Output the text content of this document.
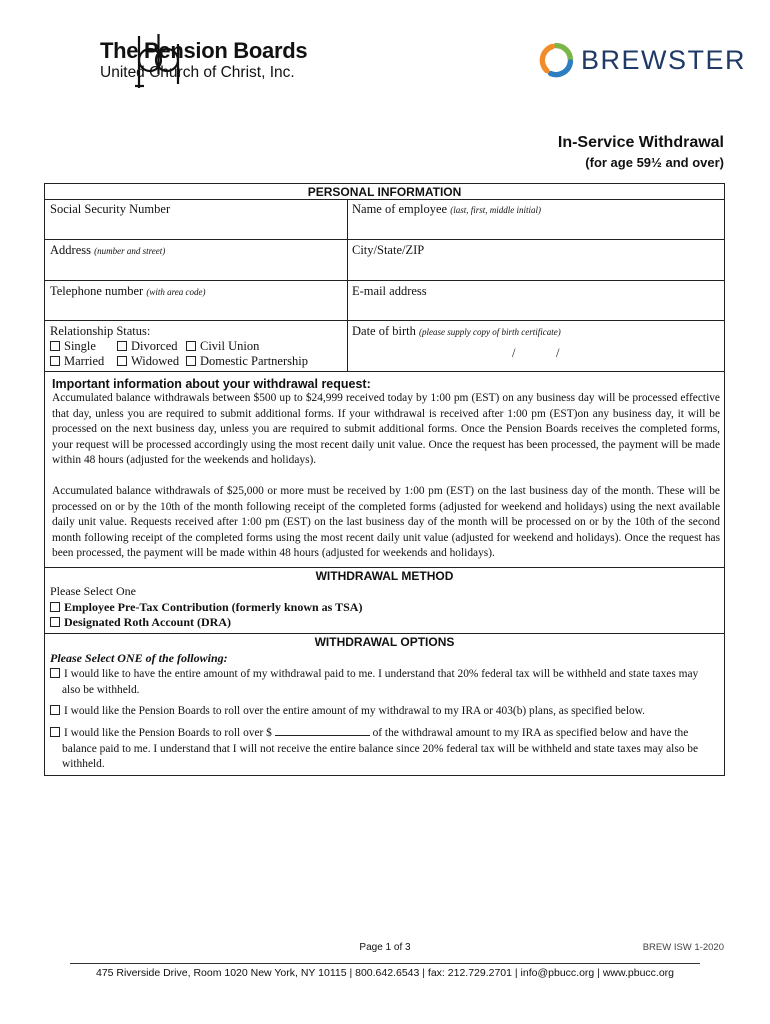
The Pension Boards
United Church of Christ, Inc.	BREWSTER
In-Service Withdrawal
(for age 59½ and over)
PERSONAL INFORMATION
Social Security Number	Name of employee (last, first, middle initial)
Address (number and street)	City/State/ZIP
Telephone number (with area code)	E-mail address
Relationship Status:
Single	Divorced	Civil Union
Married	Widowed	Domestic Partnership
Date of birth (please supply copy of birth certificate)
/	/
Important information about your withdrawal request:
Accumulated balance withdrawals between $500 up to $24,999 received today by 1:00 pm (EST) on any business day will be processed effective that day, unless you are required to submit additional forms. If your withdrawal is received after 1:00 pm (EST)on any business day, it will be processed on the next business day, unless you are required to submit additional forms. Once the Pension Boards receives the completed forms, your request will be processed accordingly using the most recent daily unit value. Once the request has been processed, the payment will be made within 48 hours (adjusted for the weekends and holidays).
Accumulated balance withdrawals of $25,000 or more must be received by 1:00 pm (EST) on the last business day of the month. These will be processed on or by the 10th of the month following receipt of the completed forms (adjusted for weekend and holidays) using the next available daily unit value. Requests received after 1:00 pm (EST) on the last business day of the month will be processed on or by the 10th of the second month following receipt of the completed forms using the most recent daily unit value (adjusted for weekend and holidays). Once the request has been processed, the payment will be made within 48 hours (adjusted for weekends and holidays).
WITHDRAWAL METHOD
Please Select One
Employee Pre-Tax Contribution (formerly known as TSA)
Designated Roth Account (DRA)
WITHDRAWAL OPTIONS
Please Select ONE of the following:
I would like to have the entire amount of my withdrawal paid to me. I understand that 20% federal tax will be withheld and state taxes may also be withheld.
I would like the Pension Boards to roll over the entire amount of my withdrawal to my IRA or 403(b) plans, as specified below.
I would like the Pension Boards to roll over $	of the withdrawal amount to my IRA as specified below and have the balance paid to me. I understand that I will not receive the entire balance since 20% federal tax will be withheld and state taxes may also be withheld.
Page 1 of 3	BREW ISW 1-2020
475 Riverside Drive, Room 1020 New York, NY 10115 | 800.642.6543 | fax: 212.729.2701 | info@pbucc.org | www.pbucc.org
